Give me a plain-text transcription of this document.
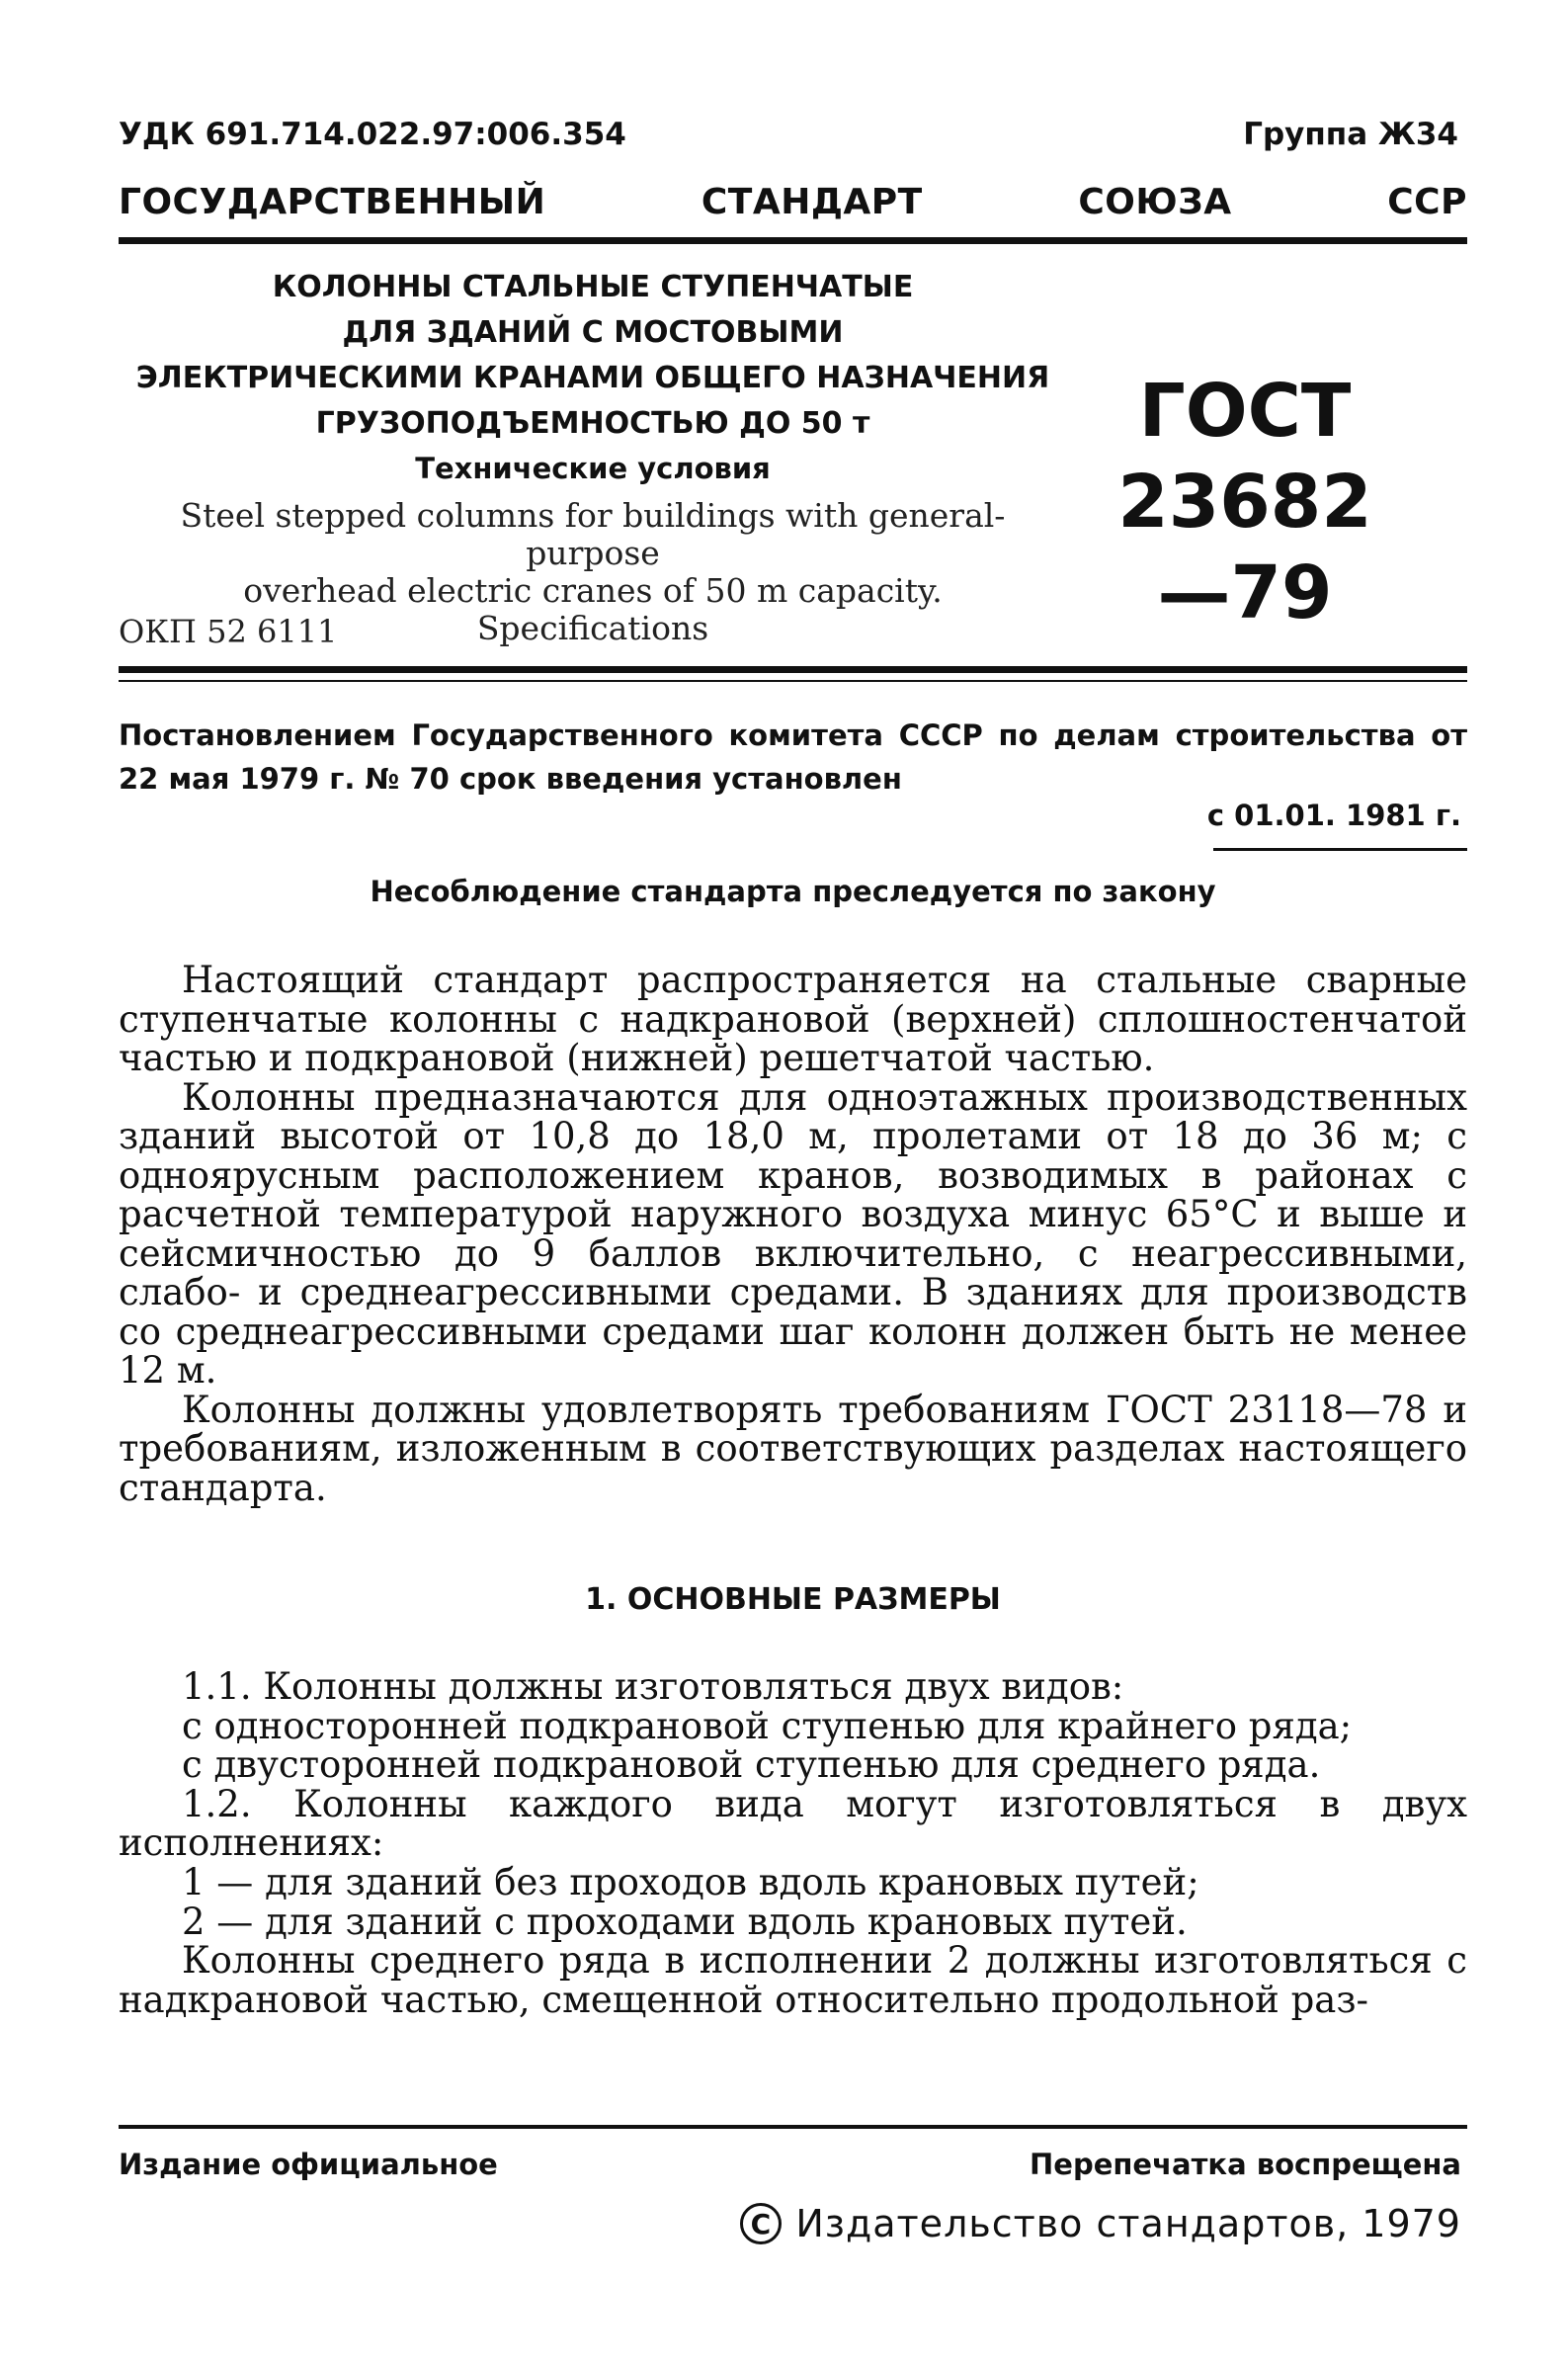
УДК 691.714.022.97:006.354	Группа Ж34
ГОСУДАРСТВЕННЫЙ	СТАНДАРТ	СОЮЗА	ССР
КОЛОННЫ СТАЛЬНЫЕ СТУПЕНЧАТЫЕ
ДЛЯ ЗДАНИЙ С МОСТОВЫМИ
ЭЛЕКТРИЧЕСКИМИ КРАНАМИ ОБЩЕГО НАЗНАЧЕНИЯ
ГРУЗОПОДЪЕМНОСТЬЮ ДО 50 т
Технические условия
Steel stepped columns for buildings with general-purpose
overhead electric cranes of 50 m capacity.
Specifications
ОКП 52 6111
ГОСТ
23682—79
Постановлением Государственного комитета СССР по делам строительства от 22 мая 1979 г. № 70 срок введения установлен
с 01.01. 1981 г.
Несоблюдение стандарта преследуется по закону

Настоящий стандарт распространяется на стальные сварные ступенчатые колонны с надкрановой (верхней) сплошностенчатой частью и подкрановой (нижней) решетчатой частью.

Колонны предназначаются для одноэтажных производственных зданий высотой от 10,8 до 18,0 м, пролетами от 18 до 36 м; с одноярусным расположением кранов, возводимых в районах с расчетной температурой наружного воздуха минус 65°С и выше и сейсмичностью до 9 баллов включительно, с неагрессивными, слабо- и среднеагрессивными средами. В зданиях для производств со среднеагрессивными средами шаг колонн должен быть не менее 12 м.

Колонны должны удовлетворять требованиям ГОСТ 23118—78 и требованиям, изложенным в соответствующих разделах настоящего стандарта.

1. ОСНОВНЫЕ РАЗМЕРЫ

1.1. Колонны должны изготовляться двух видов:

с односторонней подкрановой ступенью для крайнего ряда;

с двусторонней подкрановой ступенью для среднего ряда.

1.2. Колонны каждого вида могут изготовляться в двух исполнениях:

1 — для зданий без проходов вдоль крановых путей;

2 — для зданий с проходами вдоль крановых путей.

Колонны среднего ряда в исполнении 2 должны изготовляться с надкрановой частью, смещенной относительно продольной раз-

Издание официальное	Перепечатка воспрещена
C Издательство стандартов, 1979
